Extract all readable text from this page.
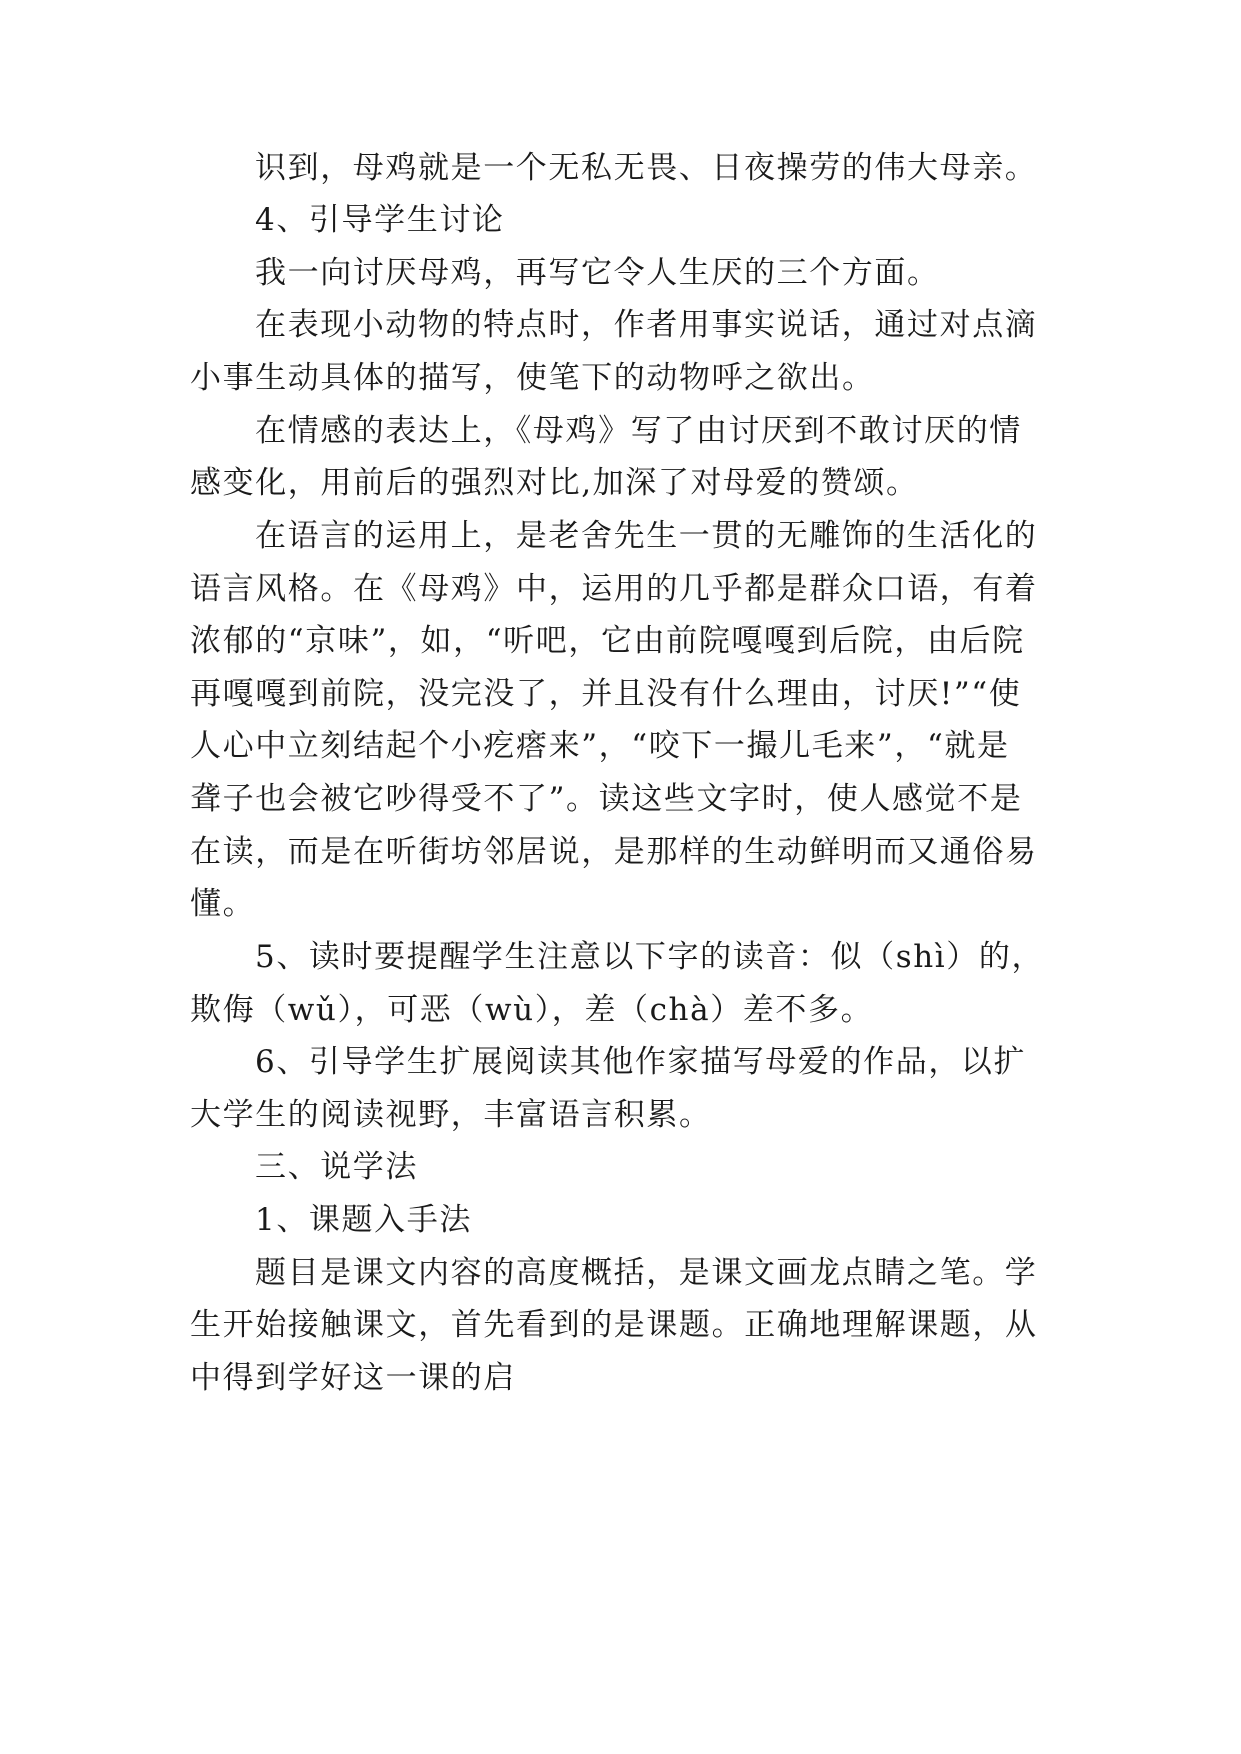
识到，母鸡就是一个无私无畏、日夜操劳的伟大母亲。
4、引导学生讨论
我一向讨厌母鸡，再写它令人生厌的三个方面。
在表现小动物的特点时，作者用事实说话，通过对点滴
小事生动具体的描写，使笔下的动物呼之欲出。
在情感的表达上，《母鸡》写了由讨厌到不敢讨厌的情
感变化，用前后的强烈对比,加深了对母爱的赞颂。
在语言的运用上，是老舍先生一贯的无雕饰的生活化的
语言风格。在《母鸡》中，运用的几乎都是群众口语，有着
浓郁的“京味”，如，“听吧，它由前院嘎嘎到后院，由后院
再嘎嘎到前院，没完没了，并且没有什么理由，讨厌!”“使
人心中立刻结起个小疙瘩来”，“咬下一撮儿毛来”，“就是
聋子也会被它吵得受不了”。读这些文字时，使人感觉不是
在读，而是在听街坊邻居说，是那样的生动鲜明而又通俗易
懂。
5、读时要提醒学生注意以下字的读音：似（shì）的，
欺侮（wǔ），可恶（wù），差（chà）差不多。
6、引导学生扩展阅读其他作家描写母爱的作品，以扩
大学生的阅读视野，丰富语言积累。
三、说学法
1、课题入手法
题目是课文内容的高度概括，是课文画龙点睛之笔。学
生开始接触课文，首先看到的是课题。正确地理解课题，从
中得到学好这一课的启
